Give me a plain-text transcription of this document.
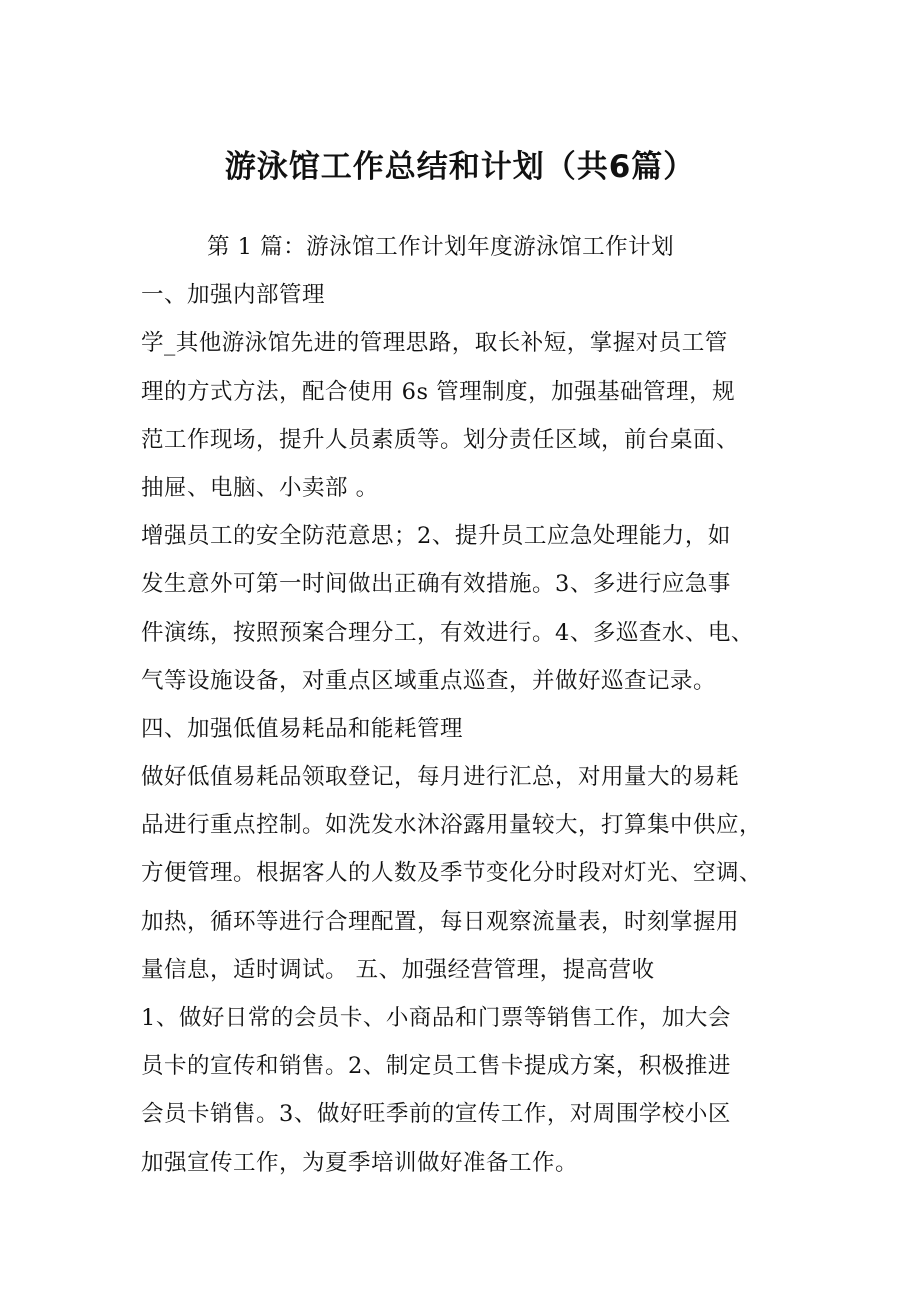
游泳馆工作总结和计划（共6篇）

第 1 篇：游泳馆工作计划年度游泳馆工作计划

一、加强内部管理

学_其他游泳馆先进的管理思路，取长补短，掌握对员工管

理的方式方法，配合使用 6s 管理制度，加强基础管理，规

范工作现场，提升人员素质等。划分责任区域，前台桌面、

抽屉、电脑、小卖部 。

增强员工的安全防范意思；2、提升员工应急处理能力，如

发生意外可第一时间做出正确有效措施。3、多进行应急事

件演练，按照预案合理分工，有效进行。4、多巡查水、电、

气等设施设备，对重点区域重点巡查，并做好巡查记录。

四、加强低值易耗品和能耗管理

做好低值易耗品领取登记，每月进行汇总，对用量大的易耗

品进行重点控制。如洗发水沐浴露用量较大，打算集中供应，

方便管理。根据客人的人数及季节变化分时段对灯光、空调、

加热，循环等进行合理配置，每日观察流量表，时刻掌握用

量信息，适时调试。 五、加强经营管理，提高营收

1、做好日常的会员卡、小商品和门票等销售工作，加大会

员卡的宣传和销售。2、制定员工售卡提成方案，积极推进

会员卡销售。3、做好旺季前的宣传工作，对周围学校小区

加强宣传工作，为夏季培训做好准备工作。
